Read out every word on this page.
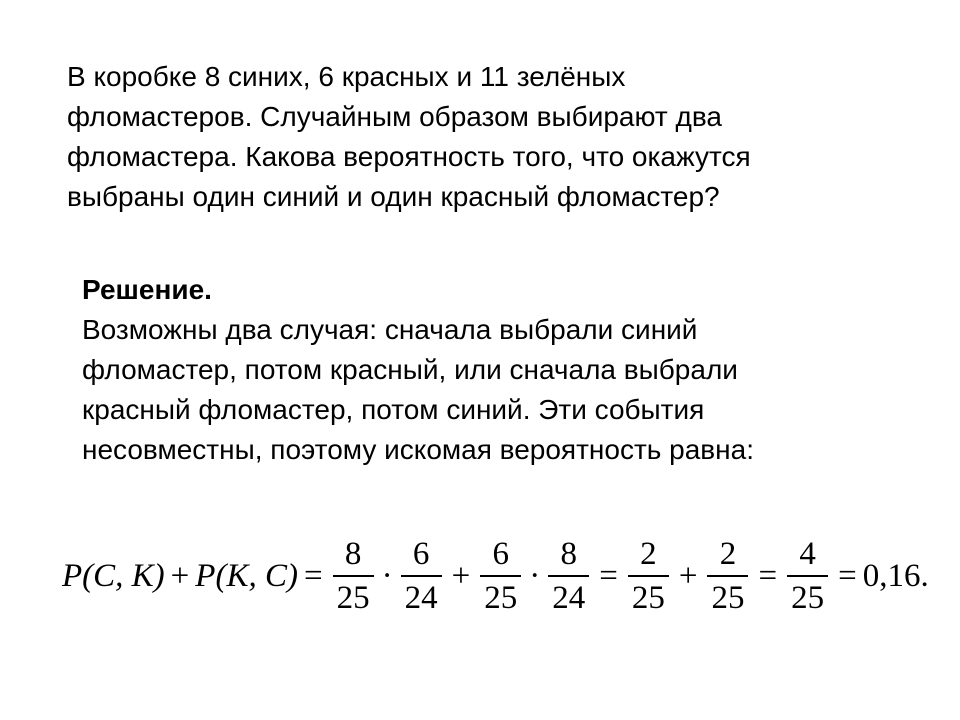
В коробке 8 синих, 6 красных и 11 зелёных
фломастеров. Случайным образом выбирают два
фломастера. Какова вероятность того, что окажутся
выбраны один синий и один красный фломастер?
Решение.
Возможны два случая: сначала выбрали синий
фломастер, потом красный, или сначала выбрали
красный фломастер, потом синий. Эти события
несовместны, поэтому искомая вероятность равна:
P(C, K) + P(K, $C) = \frac{8}{25} \cdot \frac{6}{24} + \frac{6}{25} \cdot \frac{8}{24} = \frac{2}{25} + \frac{2}{25} = \frac{4}{25} = 0,16$.
